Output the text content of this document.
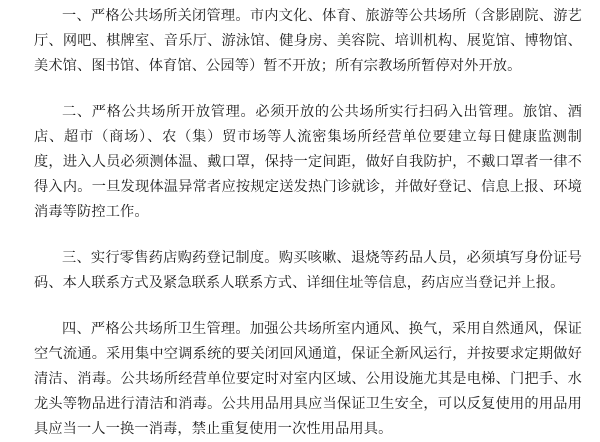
一、严格公共场所关闭管理。市内文化、体育、旅游等公共场所（含影剧院、游艺厅、网吧、棋牌室、音乐厅、游泳馆、健身房、美容院、培训机构、展览馆、博物馆、美术馆、图书馆、体育馆、公园等）暂不开放；所有宗教场所暂停对外开放。

二、严格公共场所开放管理。必须开放的公共场所实行扫码入出管理。旅馆、酒店、超市（商场）、农（集）贸市场等人流密集场所经营单位要建立每日健康监测制度，进入人员必须测体温、戴口罩，保持一定间距，做好自我防护，不戴口罩者一律不得入内。一旦发现体温异常者应按规定送发热门诊就诊，并做好登记、信息上报、环境消毒等防控工作。

三、实行零售药店购药登记制度。购买咳嗽、退烧等药品人员，必须填写身份证号码、本人联系方式及紧急联系人联系方式、详细住址等信息，药店应当登记并上报。

四、严格公共场所卫生管理。加强公共场所室内通风、换气，采用自然通风，保证空气流通。采用集中空调系统的要关闭回风通道，保证全新风运行，并按要求定期做好清洁、消毒。公共场所经营单位要定时对室内区域、公用设施尤其是电梯、门把手、水龙头等物品进行清洁和消毒。公共用品用具应当保证卫生安全，可以反复使用的用品用具应当一人一换一消毒，禁止重复使用一次性用品用具。
